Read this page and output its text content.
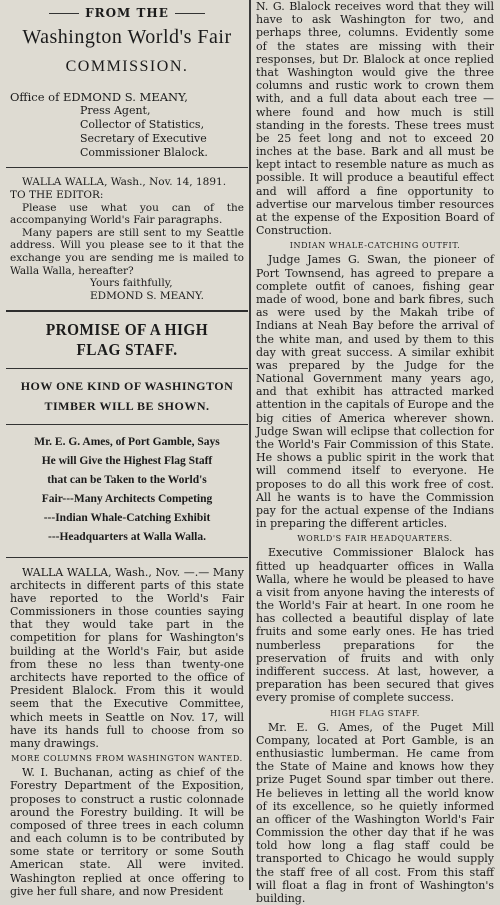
FROM THE
Washington World's Fair
COMMISSION.
Office of EDMOND S. MEANY,
Press Agent,
Collector of Statistics,
Secretary of Executive
Commissioner Blalock.

WALLA WALLA, Wash., Nov. 14, 1891.

TO THE EDITOR:

Please use what you can of the accompanying World's Fair paragraphs.

Many papers are still sent to my Seattle address. Will you please see to it that the exchange you are sending me is mailed to Walla Walla, hereafter?

Yours faithfully,

EDMOND S. MEANY.

PROMISE OF A HIGH FLAG STAFF.
HOW ONE KIND OF WASHINGTON
TIMBER WILL BE SHOWN.
Mr. E. G. Ames, of Port Gamble, Says
He will Give the Highest Flag Staff
that can be Taken to the World's
Fair---Many Architects Competing
---Indian Whale-Catching Exhibit
---Headquarters at Walla Walla.

WALLA WALLA, Wash., Nov. —.— Many architects in different parts of this state have reported to the World's Fair Commissioners in those counties saying that they would take part in the competition for plans for Washington's building at the World's Fair, but aside from these no less than twenty-one architects have reported to the office of President Blalock. From this it would seem that the Executive Committee, which meets in Seattle on Nov. 17, will have its hands full to choose from so many drawings.

MORE COLUMNS FROM WASHINGTON WANTED.

W. I. Buchanan, acting as chief of the Forestry Department of the Exposition, proposes to construct a rustic colonnade around the Forestry building. It will be composed of three trees in each column and each column is to be contributed by some state or territory or some South American state. All were invited. Washington replied at once offering to give her full share, and now President

N. G. Blalock receives word that they will have to ask Washington for two, and perhaps three, columns. Evidently some of the states are missing with their responses, but Dr. Blalock at once replied that Washington would give the three columns and rustic work to crown them with, and a full data about each tree —where found and how much is still standing in the forests. These trees must be 25 feet long and not to exceed 20 inches at the base. Bark and all must be kept intact to resemble nature as much as possible. It will produce a beautiful effect and will afford a fine opportunity to advertise our marvelous timber resources at the expense of the Exposition Board of Construction.

INDIAN WHALE-CATCHING OUTFIT.

Judge James G. Swan, the pioneer of Port Townsend, has agreed to prepare a complete outfit of canoes, fishing gear made of wood, bone and bark fibres, such as were used by the Makah tribe of Indians at Neah Bay before the arrival of the white man, and used by them to this day with great success. A similar exhibit was prepared by the Judge for the National Government many years ago, and that exhibit has attracted marked attention in the capitals of Europe and the big cities of America wherever shown. Judge Swan will eclipse that collection for the World's Fair Commission of this State. He shows a public spirit in the work that will commend itself to everyone. He proposes to do all this work free of cost. All he wants is to have the Commission pay for the actual expense of the Indians in preparing the different articles.

WORLD'S FAIR HEADQUARTERS.

Executive Commissioner Blalock has fitted up headquarter offices in Walla Walla, where he would be pleased to have a visit from anyone having the interests of the World's Fair at heart. In one room he has collected a beautiful display of late fruits and some early ones. He has tried numberless preparations for the preservation of fruits and with only indifferent success. At last, however, a preparation has been secured that gives every promise of complete success.

HIGH FLAG STAFF.

Mr. E. G. Ames, of the Puget Mill Company, located at Port Gamble, is an enthusiastic lumberman. He came from the State of Maine and knows how they prize Puget Sound spar timber out there. He believes in letting all the world know of its excellence, so he quietly informed an officer of the Washington World's Fair Commission the other day that if he was told how long a flag staff could be transported to Chicago he would supply the staff free of all cost. From this staff will float a flag in front of Washington's building.
